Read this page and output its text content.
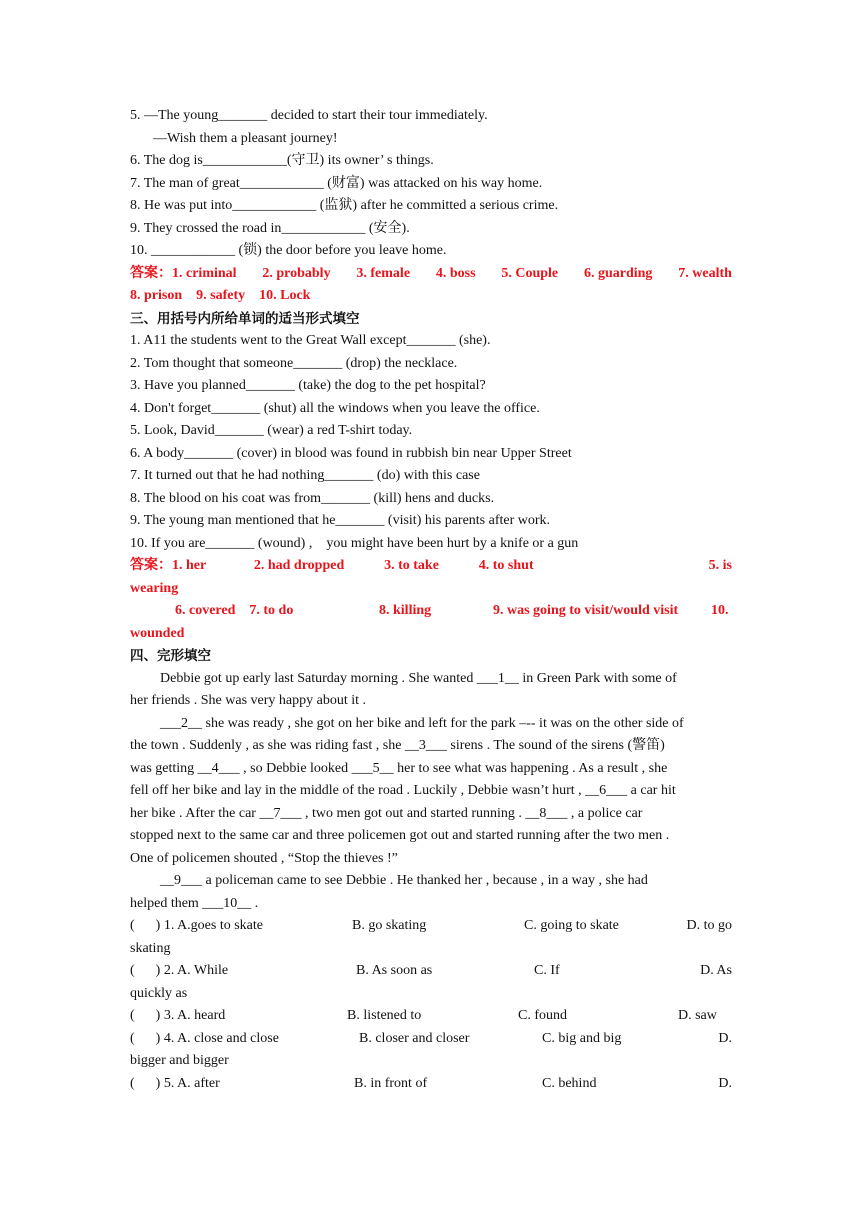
5. —The young_______ decided to start their tour immediately.
—Wish them a pleasant journey!
6. The dog is____________(守卫) its owner’ s things.
7. The man of great____________ (财富) was attacked on his way home.
8. He was put into____________ (监狱) after he committed a serious crime.
9. They crossed the road in____________ (安全).
10. ____________ (锁) the door before you leave home.
答案：1. criminal 2. probably 3. female 4. boss 5. Couple 6. guarding 7. wealth
8. prison    9. safety    10. Lock
三、用括号内所给单词的适当形式填空
1. A11 the students went to the Great Wall except_______ (she).
2. Tom thought that someone_______ (drop) the necklace.
3. Have you planned_______ (take) the dog to the pet hospital?
4. Don't forget_______ (shut) all the windows when you leave the office.
5. Look, David_______ (wear) a red T-shirt today.
6. A body_______ (cover) in blood was found in rubbish bin near Upper Street
7. It turned out that he had nothing_______ (do) with this case
8. The blood on his coat was from_______ (kill) hens and ducks.
9. The young man mentioned that he_______ (visit) his parents after work.
10. If you are_______ (wound) ,    you might have been hurt by a knife or a gun
答案：1. her	2. had dropped	3. to take	4. to shut	5. is
wearing
6. covered    7. to do	8. killing	9. was going to visit/would visit	10.
wounded
四、完形填空
Debbie got up early last Saturday morning . She wanted ___1__ in Green Park with some of
her friends . She was very happy about it .
___2__ she was ready , she got on her bike and left for the park –-- it was on the other side of
the town . Suddenly , as she was riding fast , she __3___ sirens . The sound of the sirens (警笛)
was getting __4___ , so Debbie looked ___5__ her to see what was happening . As a result , she
fell off her bike and lay in the middle of the road . Luckily , Debbie wasn’t hurt , __6___ a car hit
her bike . After the car __7___ , two men got out and started running . __8___ , a police car
stopped next to the same car and three policemen got out and started running after the two men .
One of policemen shouted , “Stop the thieves !”
__9___ a policeman came to see Debbie . He thanked her , because , in a way , she had
helped them ___10__ .
(      ) 1. A.goes to skate	B. go skating	C. going to skate	D. to go
skating
(      ) 2. A. While	B. As soon as	C. If	D. As
quickly as
(      ) 3. A. heard	B. listened to	C. found	D. saw
(      ) 4. A. close and close	B. closer and closer	C. big and big	D.
bigger and bigger
(      ) 5. A. after	B. in front of	C. behind	D.
